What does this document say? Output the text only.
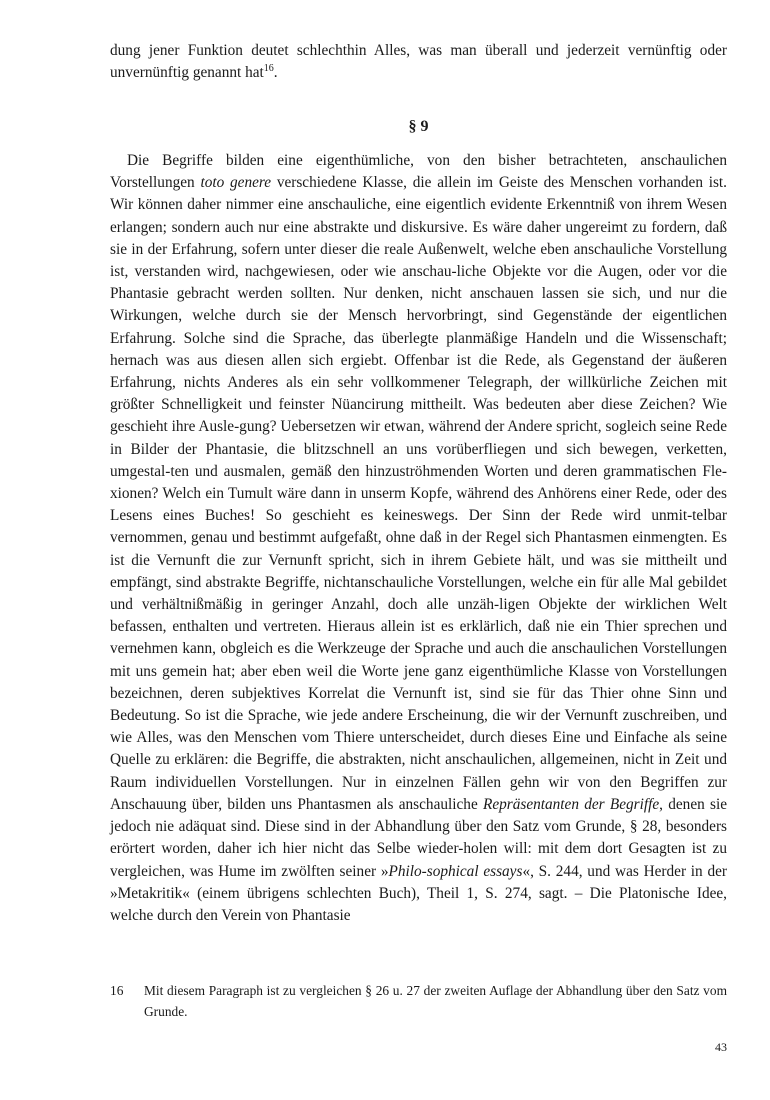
dung jener Funktion deutet schlechthin Alles, was man überall und jederzeit vernünftig oder unvernünftig genannt hat$^{16}$.
§ 9
Die Begriffe bilden eine eigenthümliche, von den bisher betrachteten, anschaulichen Vorstellungen toto genere verschiedene Klasse, die allein im Geiste des Menschen vorhanden ist. Wir können daher nimmer eine anschauliche, eine eigentlich evidente Erkenntniß von ihrem Wesen erlangen; sondern auch nur eine abstrakte und diskursive. Es wäre daher ungereimt zu fordern, daß sie in der Erfahrung, sofern unter dieser die reale Außenwelt, welche eben anschauliche Vorstellung ist, verstanden wird, nachgewiesen, oder wie anschau-liche Objekte vor die Augen, oder vor die Phantasie gebracht werden sollten. Nur denken, nicht anschauen lassen sie sich, und nur die Wirkungen, welche durch sie der Mensch hervorbringt, sind Gegenstände der eigentlichen Erfahrung. Solche sind die Sprache, das überlegte planmäßige Handeln und die Wissenschaft; hernach was aus diesen allen sich ergiebt. Offenbar ist die Rede, als Gegenstand der äußeren Erfahrung, nichts Anderes als ein sehr vollkommener Telegraph, der willkürliche Zeichen mit größter Schnelligkeit und feinster Nüancirung mittheilt. Was bedeuten aber diese Zeichen? Wie geschieht ihre Ausle-gung? Uebersetzen wir etwan, während der Andere spricht, sogleich seine Rede in Bilder der Phantasie, die blitzschnell an uns vorüberfliegen und sich bewegen, verketten, umgestal-ten und ausmalen, gemäß den hinzuströhmenden Worten und deren grammatischen Fle-xionen? Welch ein Tumult wäre dann in unserm Kopfe, während des Anhörens einer Rede, oder des Lesens eines Buches! So geschieht es keineswegs. Der Sinn der Rede wird unmit-telbar vernommen, genau und bestimmt aufgefaßt, ohne daß in der Regel sich Phantasmen einmengten. Es ist die Vernunft die zur Vernunft spricht, sich in ihrem Gebiete hält, und was sie mittheilt und empfängt, sind abstrakte Begriffe, nichtanschauliche Vorstellungen, welche ein für alle Mal gebildet und verhältnißmäßig in geringer Anzahl, doch alle unzäh-ligen Objekte der wirklichen Welt befassen, enthalten und vertreten. Hieraus allein ist es erklärlich, daß nie ein Thier sprechen und vernehmen kann, obgleich es die Werkzeuge der Sprache und auch die anschaulichen Vorstellungen mit uns gemein hat; aber eben weil die Worte jene ganz eigenthümliche Klasse von Vorstellungen bezeichnen, deren subjektives Korrelat die Vernunft ist, sind sie für das Thier ohne Sinn und Bedeutung. So ist die Sprache, wie jede andere Erscheinung, die wir der Vernunft zuschreiben, und wie Alles, was den Menschen vom Thiere unterscheidet, durch dieses Eine und Einfache als seine Quelle zu erklären: die Begriffe, die abstrakten, nicht anschaulichen, allgemeinen, nicht in Zeit und Raum individuellen Vorstellungen. Nur in einzelnen Fällen gehn wir von den Begriffen zur Anschauung über, bilden uns Phantasmen als anschauliche Repräsentanten der Begriffe, denen sie jedoch nie adäquat sind. Diese sind in der Abhandlung über den Satz vom Grunde, § 28, besonders erörtert worden, daher ich hier nicht das Selbe wieder-holen will: mit dem dort Gesagten ist zu vergleichen, was Hume im zwölften seiner »Philo-sophical essays«, S. 244, und was Herder in der »Metakritik« (einem übrigens schlechten Buch), Theil 1, S. 274, sagt. – Die Platonische Idee, welche durch den Verein von Phantasie
16 Mit diesem Paragraph ist zu vergleichen § 26 u. 27 der zweiten Auflage der Abhandlung über den Satz vom Grunde.
43
